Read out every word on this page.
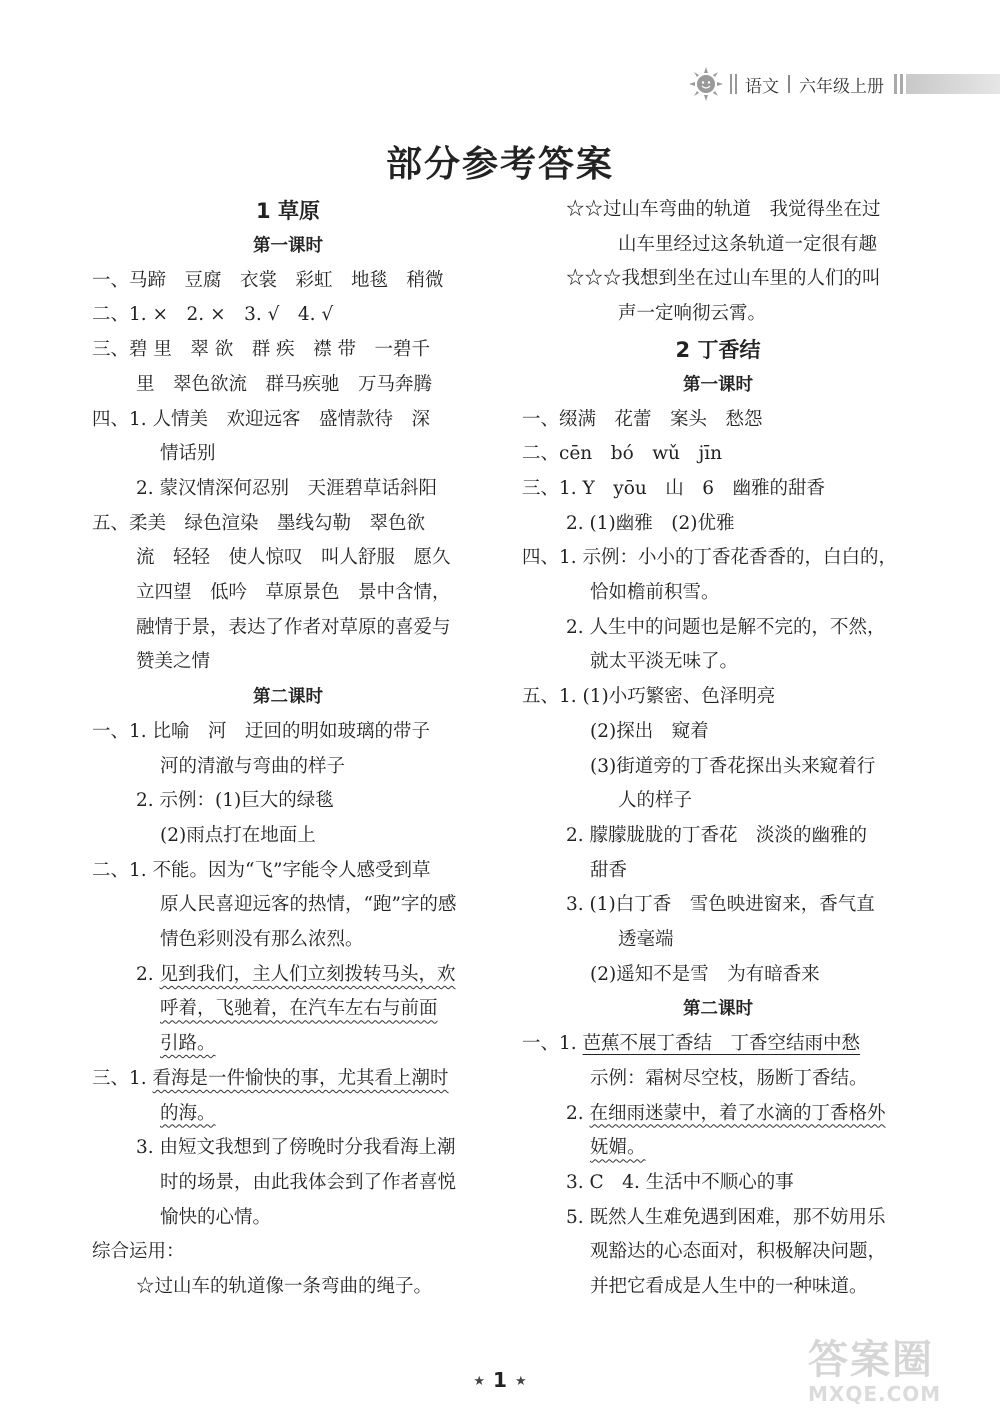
语文 六年级上册
部分参考答案
1 草原
第一课时
一、马蹄　豆腐　衣裳　彩虹　地毯　稍微
二、1. ×　2. ×　3. √　4. √
三、碧 里　翠 欲　群 疾　襟 带　一碧千
里　翠色欲流　群马疾驰　万马奔腾
四、1. 人情美　欢迎远客　盛情款待　深
情话别
2. 蒙汉情深何忍别　天涯碧草话斜阳
五、柔美　绿色渲染　墨线勾勒　翠色欲
流　轻轻　使人惊叹　叫人舒服　愿久
立四望　低吟　草原景色　景中含情，
融情于景，表达了作者对草原的喜爱与
赞美之情
第二课时
一、1. 比喻　河　迂回的明如玻璃的带子
河的清澈与弯曲的样子
2. 示例：(1)巨大的绿毯
(2)雨点打在地面上
二、1. 不能。因为“飞”字能令人感受到草
原人民喜迎远客的热情，“跑”字的感
情色彩则没有那么浓烈。
2. 见到我们，主人们立刻拨转马头，欢
呼着，飞驰着，在汽车左右与前面
引路。
三、1. 看海是一件愉快的事，尤其看上潮时
的海。
3. 由短文我想到了傍晚时分我看海上潮
时的场景，由此我体会到了作者喜悦
愉快的心情。
综合运用：
☆过山车的轨道像一条弯曲的绳子。
☆☆过山车弯曲的轨道　我觉得坐在过
山车里经过这条轨道一定很有趣
☆☆☆我想到坐在过山车里的人们的叫
声一定响彻云霄。
2 丁香结
第一课时
一、缀满　花蕾　案头　愁怨
二、cēn　bó　wǔ　jīn
三、1. Y　yōu　山　6　幽雅的甜香
2. (1)幽雅　(2)优雅
四、1. 示例：小小的丁香花香香的，白白的，
恰如檐前积雪。
2. 人生中的问题也是解不完的，不然，
就太平淡无味了。
五、1. (1)小巧繁密、色泽明亮
(2)探出　窥着
(3)街道旁的丁香花探出头来窥着行
人的样子
2. 朦朦胧胧的丁香花　淡淡的幽雅的
甜香
3. (1)白丁香　雪色映进窗来，香气直
透毫端
(2)遥知不是雪　为有暗香来
第二课时
一、1. 芭蕉不展丁香结　丁香空结雨中愁
示例：霜树尽空枝，肠断丁香结。
2. 在细雨迷蒙中，着了水滴的丁香格外
妩媚。
3. C　4. 生活中不顺心的事
5. 既然人生难免遇到困难，那不妨用乐
观豁达的心态面对，积极解决问题，
并把它看成是人生中的一种味道。
★ 1 ★	答案圈
MXQE.COM
